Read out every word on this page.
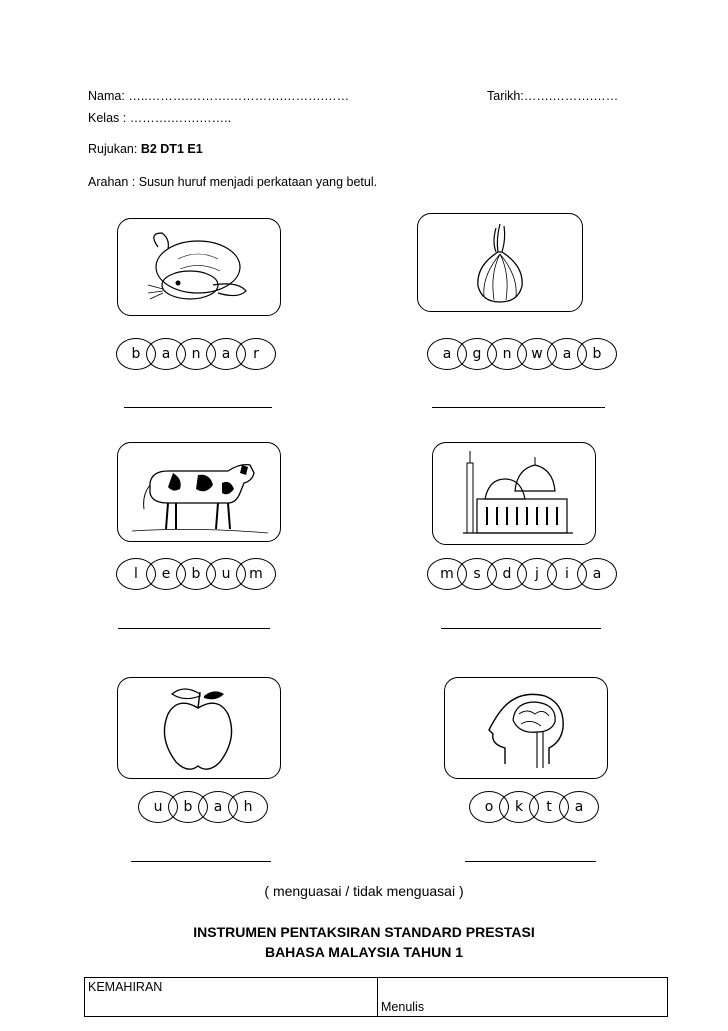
Nama: …..……….……….………….……….……	Tarikh:…….……….……
Kelas : ……….…….……..
Rujukan: B2 DT1 E1
Arahan : Susun huruf menjadi perkataan yang betul.
b	a	n	a	r	a	g	n	w	a	b
l	e	b	u	m	m	s	d	j	i	a
u	b	a	h	o	k	t	a
( menguasai / tidak menguasai )
INSTRUMEN PENTAKSIRAN STANDARD PRESTASI
BAHASA MALAYSIA TAHUN 1
KEMAHIRAN	Menulis
